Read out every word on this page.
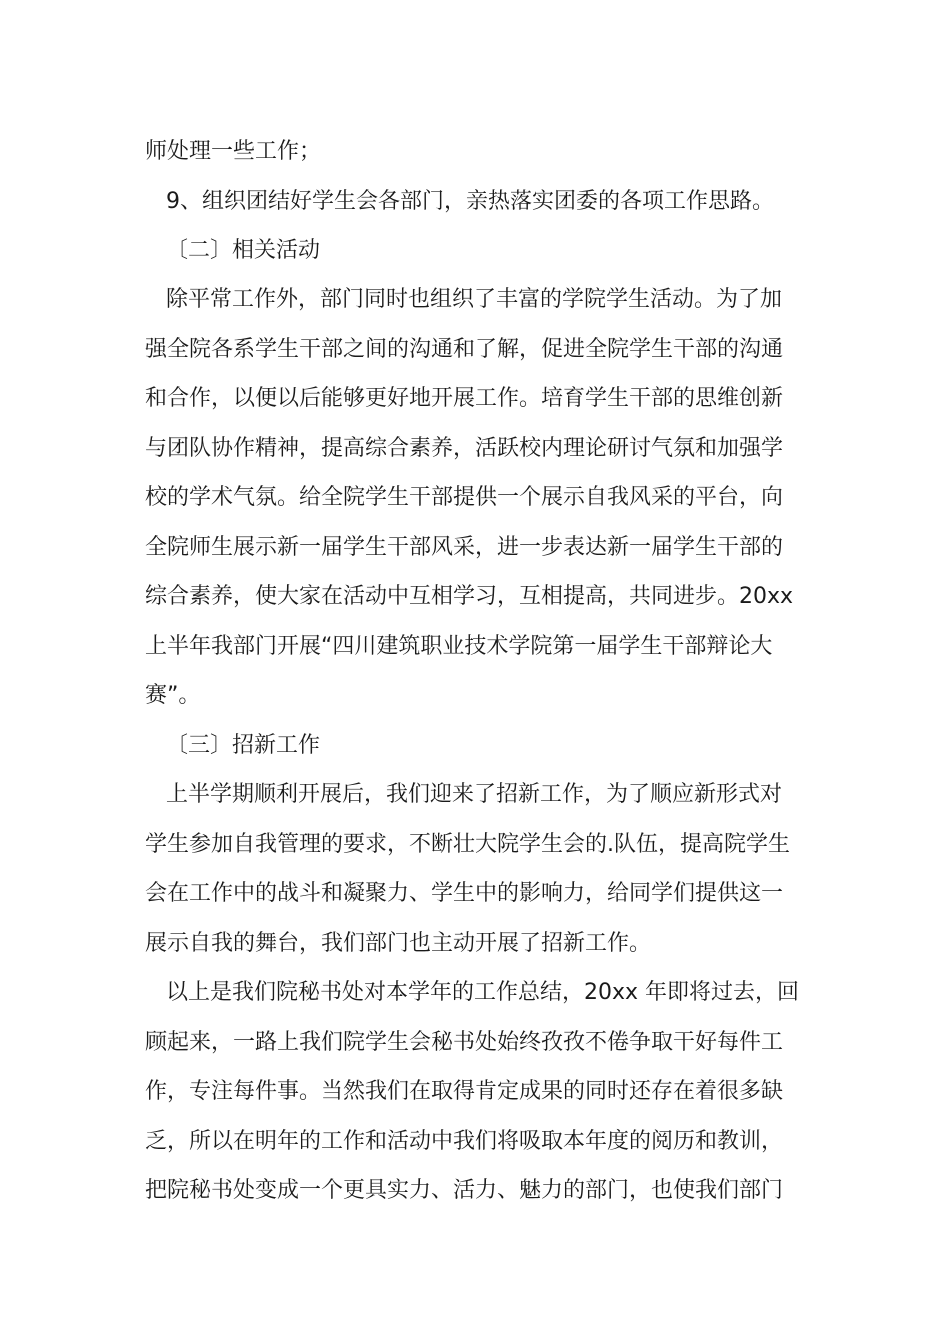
师处理一些工作；
9、组织团结好学生会各部门，亲热落实团委的各项工作思路。
〔二〕相关活动
除平常工作外，部门同时也组织了丰富的学院学生活动。为了加
强全院各系学生干部之间的沟通和了解，促进全院学生干部的沟通
和合作，以便以后能够更好地开展工作。培育学生干部的思维创新
与团队协作精神，提高综合素养，活跃校内理论研讨气氛和加强学
校的学术气氛。给全院学生干部提供一个展示自我风采的平台，向
全院师生展示新一届学生干部风采，进一步表达新一届学生干部的
综合素养，使大家在活动中互相学习，互相提高，共同进步。20xx
上半年我部门开展“四川建筑职业技术学院第一届学生干部辩论大
赛”。
〔三〕招新工作
上半学期顺利开展后，我们迎来了招新工作，为了顺应新形式对
学生参加自我管理的要求，不断壮大院学生会的.队伍，提高院学生
会在工作中的战斗和凝聚力、学生中的影响力，给同学们提供这一
展示自我的舞台，我们部门也主动开展了招新工作。
以上是我们院秘书处对本学年的工作总结，20xx 年即将过去，回
顾起来，一路上我们院学生会秘书处始终孜孜不倦争取干好每件工
作，专注每件事。当然我们在取得肯定成果的同时还存在着很多缺
乏，所以在明年的工作和活动中我们将吸取本年度的阅历和教训，
把院秘书处变成一个更具实力、活力、魅力的部门，也使我们部门
